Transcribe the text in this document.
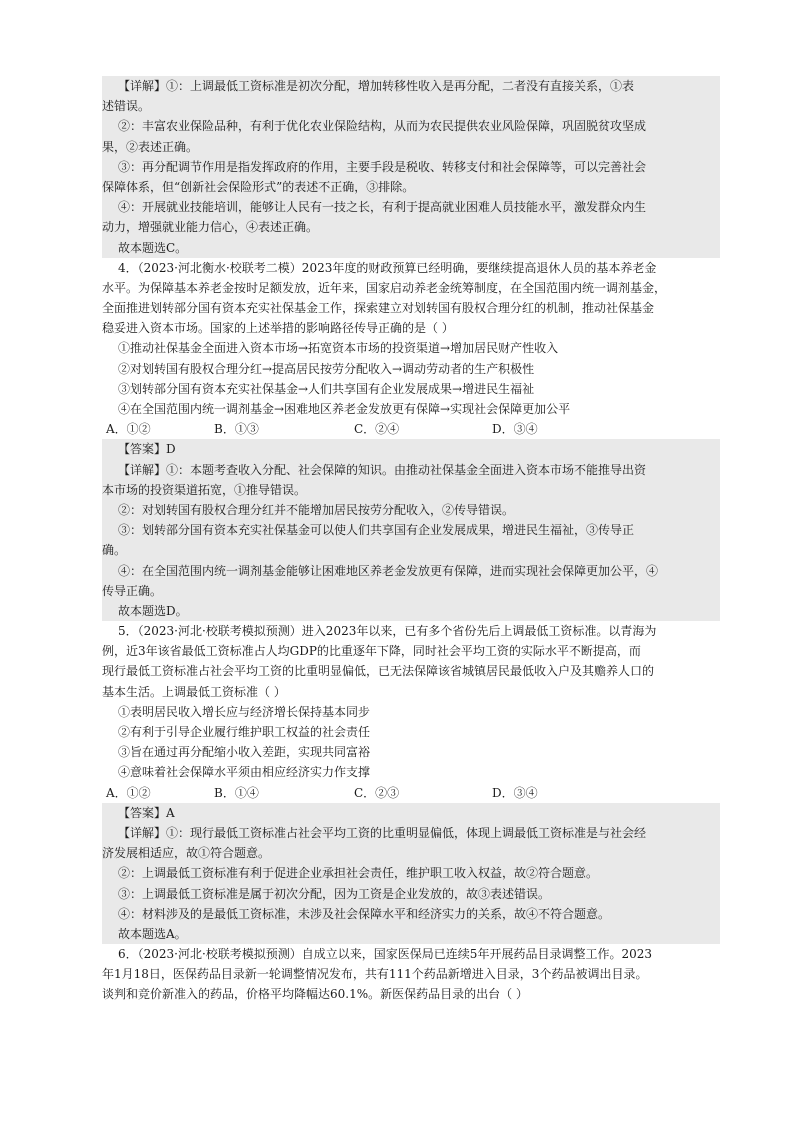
【详解】①：上调最低工资标准是初次分配，增加转移性收入是再分配，二者没有直接关系，①表
述错误。
②：丰富农业保险品种，有利于优化农业保险结构，从而为农民提供农业风险保障，巩固脱贫攻坚成
果，②表述正确。
③：再分配调节作用是指发挥政府的作用，主要手段是税收、转移支付和社会保障等，可以完善社会
保障体系，但“创新社会保险形式”的表述不正确，③排除。
④：开展就业技能培训，能够让人民有一技之长，有利于提高就业困难人员技能水平，激发群众内生
动力，增强就业能力信心，④表述正确。
故本题选C。
4．（2023·河北衡水·校联考二模）2023年度的财政预算已经明确，要继续提高退休人员的基本养老金
水平。为保障基本养老金按时足额发放，近年来，国家启动养老金统筹制度，在全国范围内统一调剂基金，
全面推进划转部分国有资本充实社保基金工作，探索建立对划转国有股权合理分红的机制，推动社保基金
稳妥进入资本市场。国家的上述举措的影响路径传导正确的是（ ）
①推动社保基金全面进入资本市场→拓宽资本市场的投资渠道→增加居民财产性收入
②对划转国有股权合理分红→提高居民按劳分配收入→调动劳动者的生产积极性
③划转部分国有资本充实社保基金→人们共享国有企业发展成果→增进民生福祉
④在全国范围内统一调剂基金→困难地区养老金发放更有保障→实现社会保障更加公平
A．①②	B．①③	C．②④	D．③④
【答案】D
【详解】①：本题考查收入分配、社会保障的知识。由推动社保基金全面进入资本市场不能推导出资
本市场的投资渠道拓宽，①推导错误。
②：对划转国有股权合理分红并不能增加居民按劳分配收入，②传导错误。
③：划转部分国有资本充实社保基金可以使人们共享国有企业发展成果，增进民生福祉，③传导正
确。
④：在全国范围内统一调剂基金能够让困难地区养老金发放更有保障，进而实现社会保障更加公平，④
传导正确。
故本题选D。
5．（2023·河北·校联考模拟预测）进入2023年以来，已有多个省份先后上调最低工资标准。以青海为
例，近3年该省最低工资标准占人均GDP的比重逐年下降，同时社会平均工资的实际水平不断提高，而
现行最低工资标准占社会平均工资的比重明显偏低，已无法保障该省城镇居民最低收入户及其赡养人口的
基本生活。上调最低工资标准（ ）
①表明居民收入增长应与经济增长保持基本同步
②有利于引导企业履行维护职工权益的社会责任
③旨在通过再分配缩小收入差距，实现共同富裕
④意味着社会保障水平须由相应经济实力作支撑
A．①②	B．①④	C．②③	D．③④
【答案】A
【详解】①：现行最低工资标准占社会平均工资的比重明显偏低，体现上调最低工资标准是与社会经
济发展相适应，故①符合题意。
②：上调最低工资标准有利于促进企业承担社会责任，维护职工收入权益，故②符合题意。
③：上调最低工资标准是属于初次分配，因为工资是企业发放的，故③表述错误。
④：材料涉及的是最低工资标准，未涉及社会保障水平和经济实力的关系，故④不符合题意。
故本题选A。
6．（2023·河北·校联考模拟预测）自成立以来，国家医保局已连续5年开展药品目录调整工作。2023
年1月18日，医保药品目录新一轮调整情况发布，共有111个药品新增进入目录，3个药品被调出目录。
谈判和竞价新准入的药品，价格平均降幅达60.1%。新医保药品目录的出台（ ）
